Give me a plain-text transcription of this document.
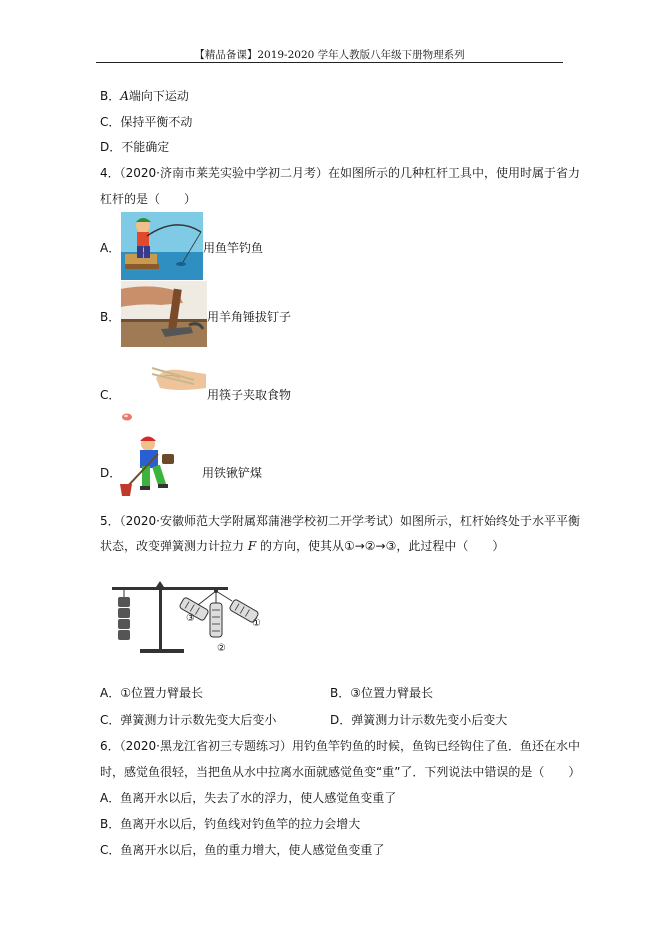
【精品备课】2019-2020 学年人教版八年级下册物理系列
B．A端向下运动
C．保持平衡不动
D．不能确定
4．（2020·济南市莱芜实验中学初二月考）在如图所示的几种杠杆工具中，使用时属于省力
杠杆的是（　　）
A．	用鱼竿钓鱼
B．	用羊角锤拔钉子
C．	用筷子夹取食物
D．	用铁锹铲煤
5．（2020·安徽师范大学附属郑蒲港学校初二开学考试）如图所示，杠杆始终处于水平平衡
状态，改变弹簧测力计拉力 F 的方向，使其从①→②→③，此过程中（　　）
①
②
③
A．①位置力臂最长	B．③位置力臂最长
C．弹簧测力计示数先变大后变小	D．弹簧测力计示数先变小后变大
6．（2020·黑龙江省初三专题练习）用钓鱼竿钓鱼的时候，鱼钩已经钩住了鱼．鱼还在水中
时，感觉鱼很轻，当把鱼从水中拉离水面就感觉鱼变“重”了．下列说法中错误的是（　　）
A．鱼离开水以后，失去了水的浮力，使人感觉鱼变重了
B．鱼离开水以后，钓鱼线对钓鱼竿的拉力会增大
C．鱼离开水以后，鱼的重力增大，使人感觉鱼变重了
